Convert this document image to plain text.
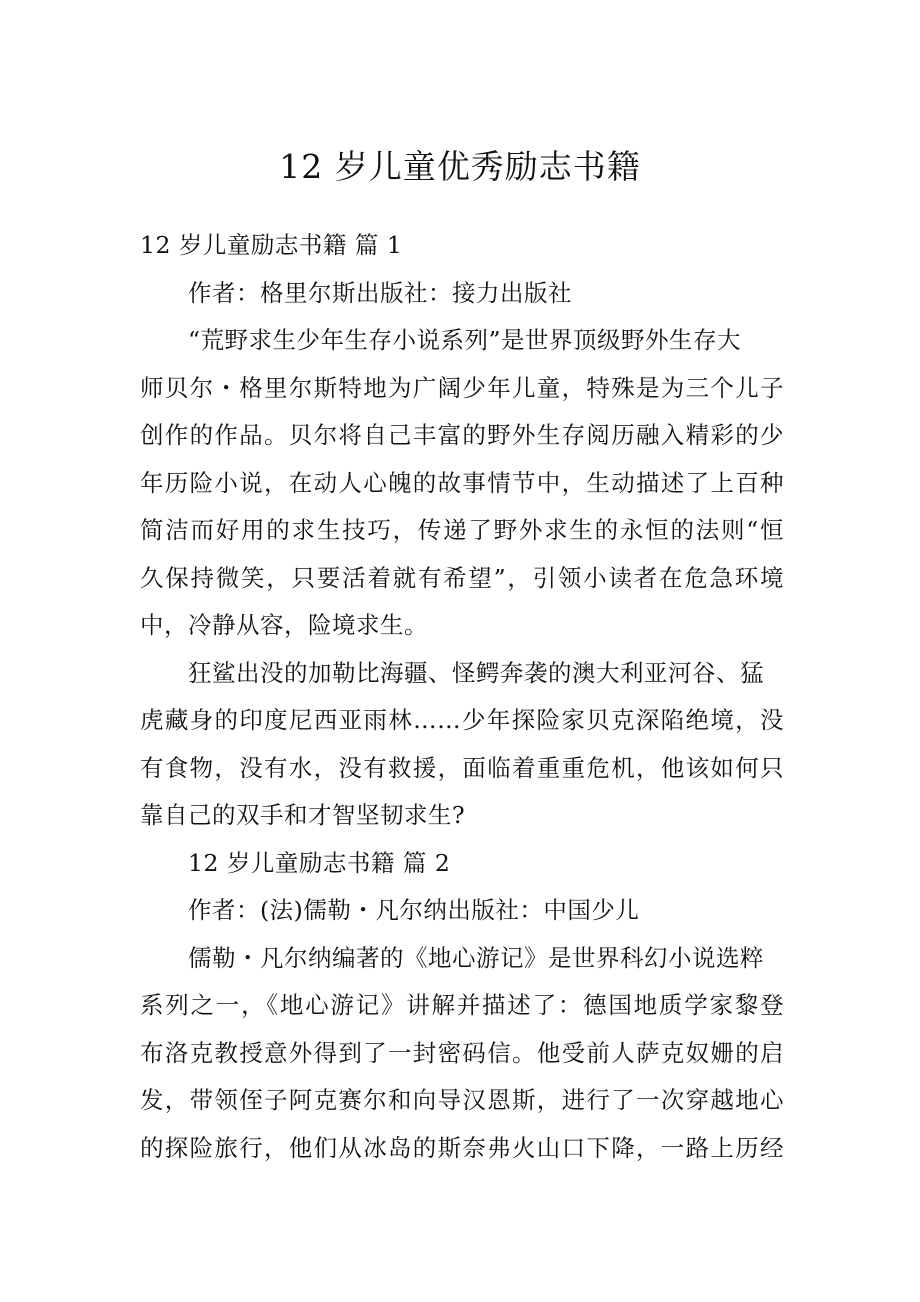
12 岁儿童优秀励志书籍
12 岁儿童励志书籍 篇 1
作者：格里尔斯出版社：接力出版社
“荒野求生少年生存小说系列”是世界顶级野外生存大
师贝尔・格里尔斯特地为广阔少年儿童，特殊是为三个儿子
创作的作品。贝尔将自己丰富的野外生存阅历融入精彩的少
年历险小说，在动人心魄的故事情节中，生动描述了上百种
简洁而好用的求生技巧，传递了野外求生的永恒的法则“恒
久保持微笑，只要活着就有希望”，引领小读者在危急环境
中，冷静从容，险境求生。
狂鲨出没的加勒比海疆、怪鳄奔袭的澳大利亚河谷、猛
虎藏身的印度尼西亚雨林……少年探险家贝克深陷绝境，没
有食物，没有水，没有救援，面临着重重危机，他该如何只
靠自己的双手和才智坚韧求生?
12 岁儿童励志书籍 篇 2
作者：(法)儒勒・凡尔纳出版社：中国少儿
儒勒・凡尔纳编著的《地心游记》是世界科幻小说选粹
系列之一，《地心游记》讲解并描述了：德国地质学家黎登
布洛克教授意外得到了一封密码信。他受前人萨克奴姗的启
发，带领侄子阿克赛尔和向导汉恩斯，进行了一次穿越地心
的探险旅行，他们从冰岛的斯奈弗火山口下降，一路上历经
